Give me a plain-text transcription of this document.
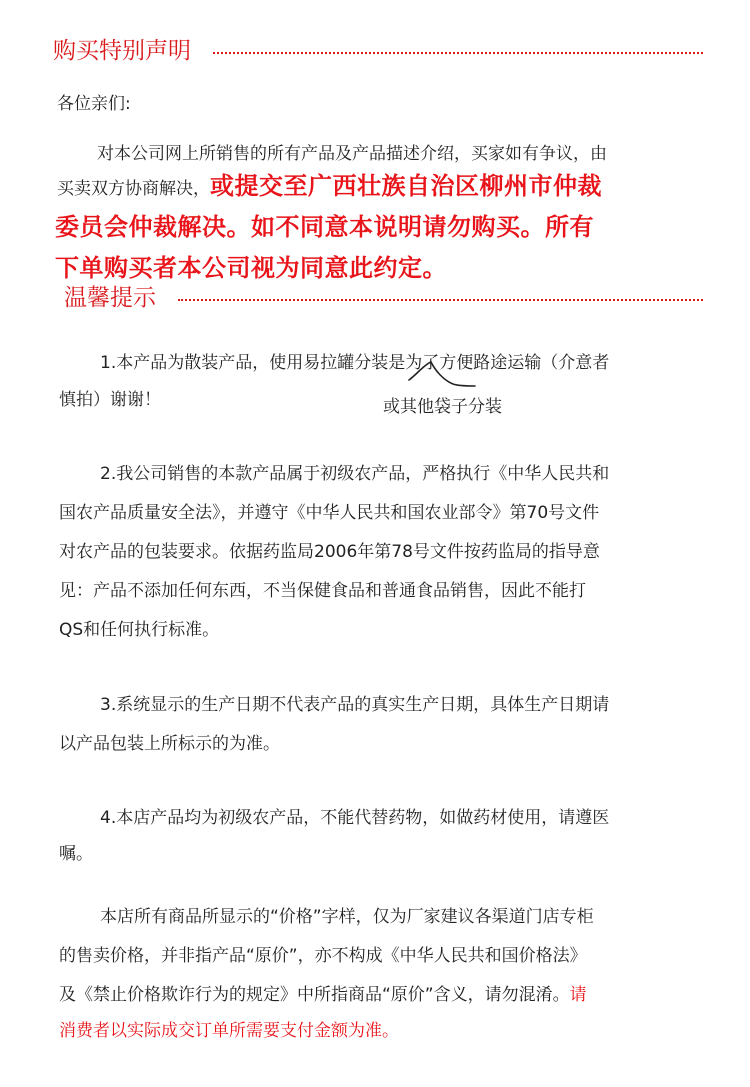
购买特别声明
各位亲们:
对本公司网上所销售的所有产品及产品描述介绍，买家如有争议，由
买卖双方协商解决，或提交至广西壮族自治区柳州市仲裁
委员会仲裁解决。如不同意本说明请勿购买。所有
下单购买者本公司视为同意此约定。
温馨提示
1.本产品为散装产品，使用易拉罐分装是为了方便路途运输（介意者
慎拍）谢谢！	或其他袋子分装
2.我公司销售的本款产品属于初级农产品，严格执行《中华人民共和
国农产品质量安全法》，并遵守《中华人民共和国农业部令》第70号文件
对农产品的包装要求。依据药监局2006年第78号文件按药监局的指导意
见：产品不添加任何东西，不当保健食品和普通食品销售，因此不能打
QS和任何执行标准。
3.系统显示的生产日期不代表产品的真实生产日期，具体生产日期请
以产品包装上所标示的为准。
4.本店产品均为初级农产品，不能代替药物，如做药材使用，请遵医
嘱。
本店所有商品所显示的“价格”字样，仅为厂家建议各渠道门店专柜
的售卖价格，并非指产品“原价”，亦不构成《中华人民共和国价格法》
及《禁止价格欺诈行为的规定》中所指商品“原价”含义，请勿混淆。请
消费者以实际成交订单所需要支付金额为准。
